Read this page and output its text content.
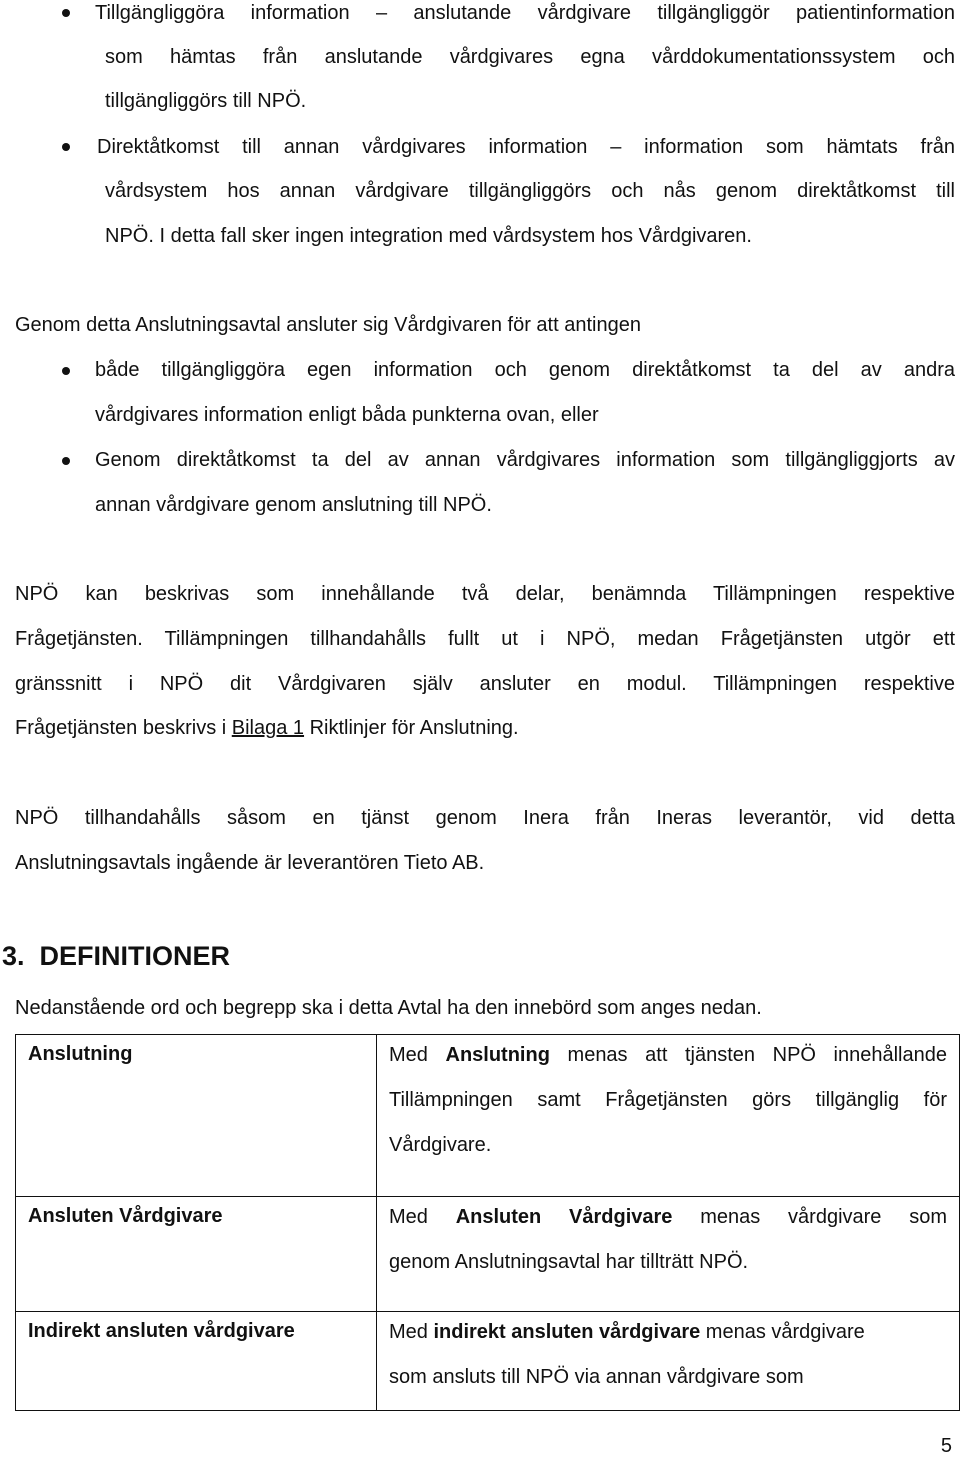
Tillgängliggöra information – anslutande vårdgivare tillgängliggör patientinformation
som hämtas från anslutande vårdgivares egna vårddokumentationssystem och
tillgängliggörs till NPÖ.
Direktåtkomst till annan vårdgivares information – information som hämtats från
vårdsystem hos annan vårdgivare tillgängliggörs och nås genom direktåtkomst till
NPÖ. I detta fall sker ingen integration med vårdsystem hos Vårdgivaren.
Genom detta Anslutningsavtal ansluter sig Vårdgivaren för att antingen
både tillgängliggöra egen information och genom direktåtkomst ta del av andra
vårdgivares information enligt båda punkterna ovan, eller
Genom direktåtkomst ta del av annan vårdgivares information som tillgängliggjorts av
annan vårdgivare genom anslutning till NPÖ.
NPÖ kan beskrivas som innehållande två delar, benämnda Tillämpningen respektive
Frågetjänsten. Tillämpningen tillhandahålls fullt ut i NPÖ, medan Frågetjänsten utgör ett
gränssnitt i NPÖ dit Vårdgivaren själv ansluter en modul. Tillämpningen respektive
Frågetjänsten beskrivs i Bilaga 1 Riktlinjer för Anslutning.
NPÖ tillhandahålls såsom en tjänst genom Inera från Ineras leverantör, vid detta
Anslutningsavtals ingående är leverantören Tieto AB.
3. DEFINITIONER
Nedanstående ord och begrepp ska i detta Avtal ha den innebörd som anges nedan.
Anslutning	Med Anslutning menas att tjänsten NPÖ innehållande
Tillämpningen samt Frågetjänsten görs tillgänglig för
Vårdgivare.

Ansluten Vårdgivare	Med Ansluten Vårdgivare menas vårdgivare som
genom Anslutningsavtal har tillträtt NPÖ.

Indirekt ansluten vårdgivare	Med indirekt ansluten vårdgivare menas vårdgivare
som ansluts till NPÖ via annan vårdgivare som
5
